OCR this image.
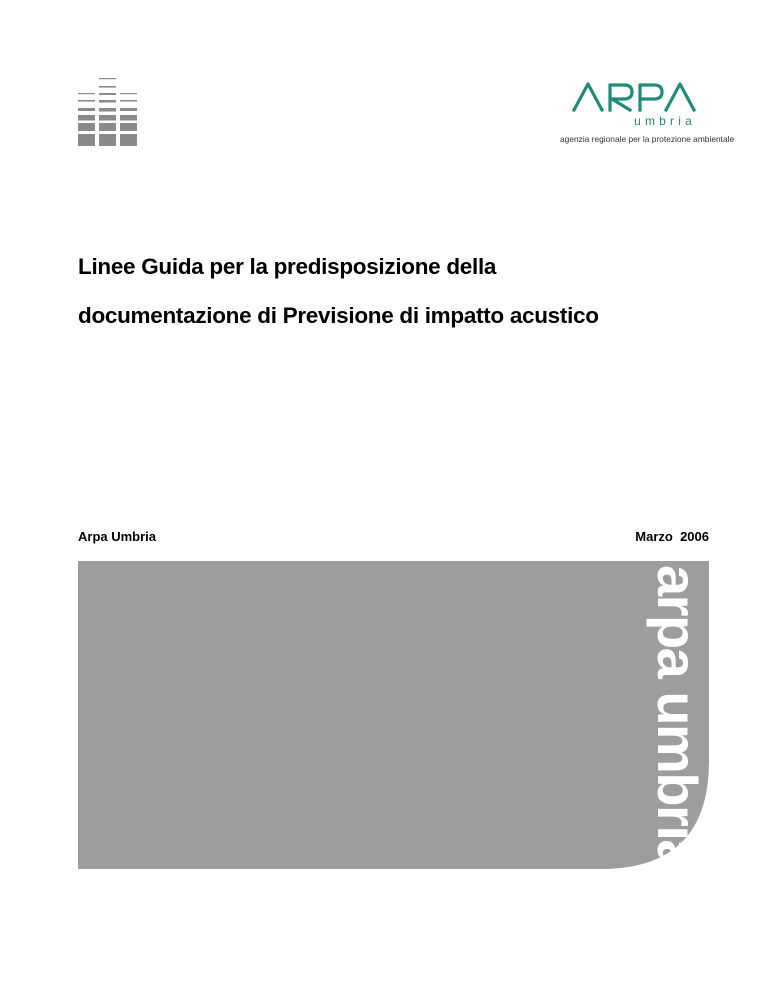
umbria
agenzia regionale per la protezione ambientale
Linee Guida per la predisposizione della
documentazione di Previsione di impatto acustico
Arpa Umbria	Marzo  2006
arpa umbria
